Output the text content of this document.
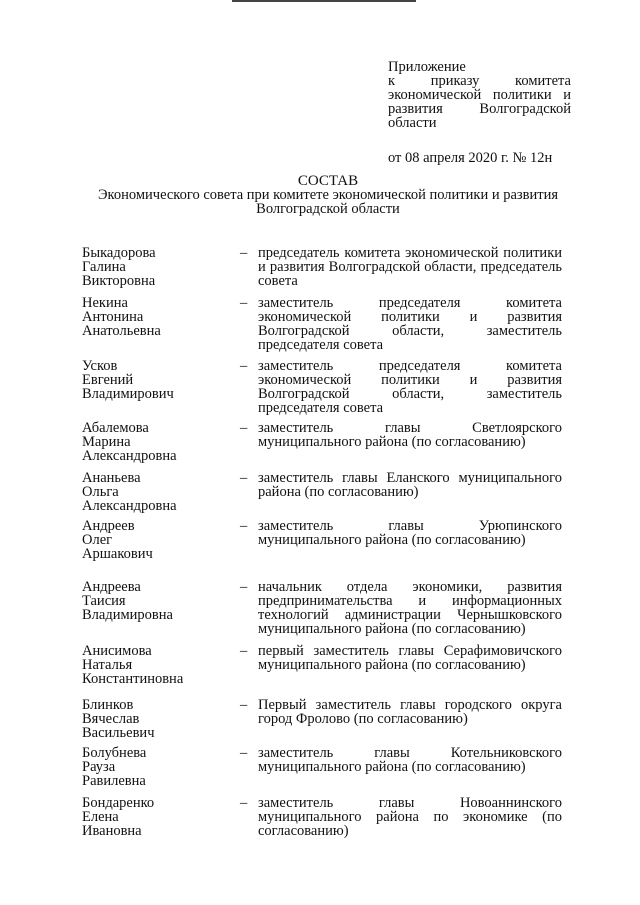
Приложение
к приказу комитета экономической политики и развития Волгоградской области
от 08 апреля 2020 г. № 12н
СОСТАВ
Экономического совета при комитете экономической политики и развития Волгоградской области
Быкадорова
Галина
Викторовна
– председатель комитета экономической политики и развития Волгоградской области, председатель совета
Некина
Антонина
Анатольевна
– заместитель председателя комитета экономической политики и развития Волгоградской области, заместитель председателя совета
Усков
Евгений
Владимирович
– заместитель председателя комитета экономической политики и развития Волгоградской области, заместитель председателя совета
Абалемова
Марина
Александровна
– заместитель главы Светлоярского муниципального района (по согласованию)
Ананьева
Ольга
Александровна
– заместитель главы Еланского муниципального района (по согласованию)
Андреев
Олег
Аршакович
– заместитель главы Урюпинского муниципального района (по согласованию)
Андреева
Таисия
Владимировна
– начальник отдела экономики, развития предпринимательства и информационных технологий администрации Чернышковского муниципального района (по согласованию)
Анисимова
Наталья
Константиновна
– первый заместитель главы Серафимовичского муниципального района (по согласованию)
Блинков
Вячеслав
Васильевич
– Первый заместитель главы городского округа город Фролово (по согласованию)
Болубнева
Рауза
Равилевна
– заместитель главы Котельниковского муниципального района (по согласованию)
Бондаренко
Елена
Ивановна
– заместитель главы Новоаннинского муниципального района по экономике (по согласованию)
